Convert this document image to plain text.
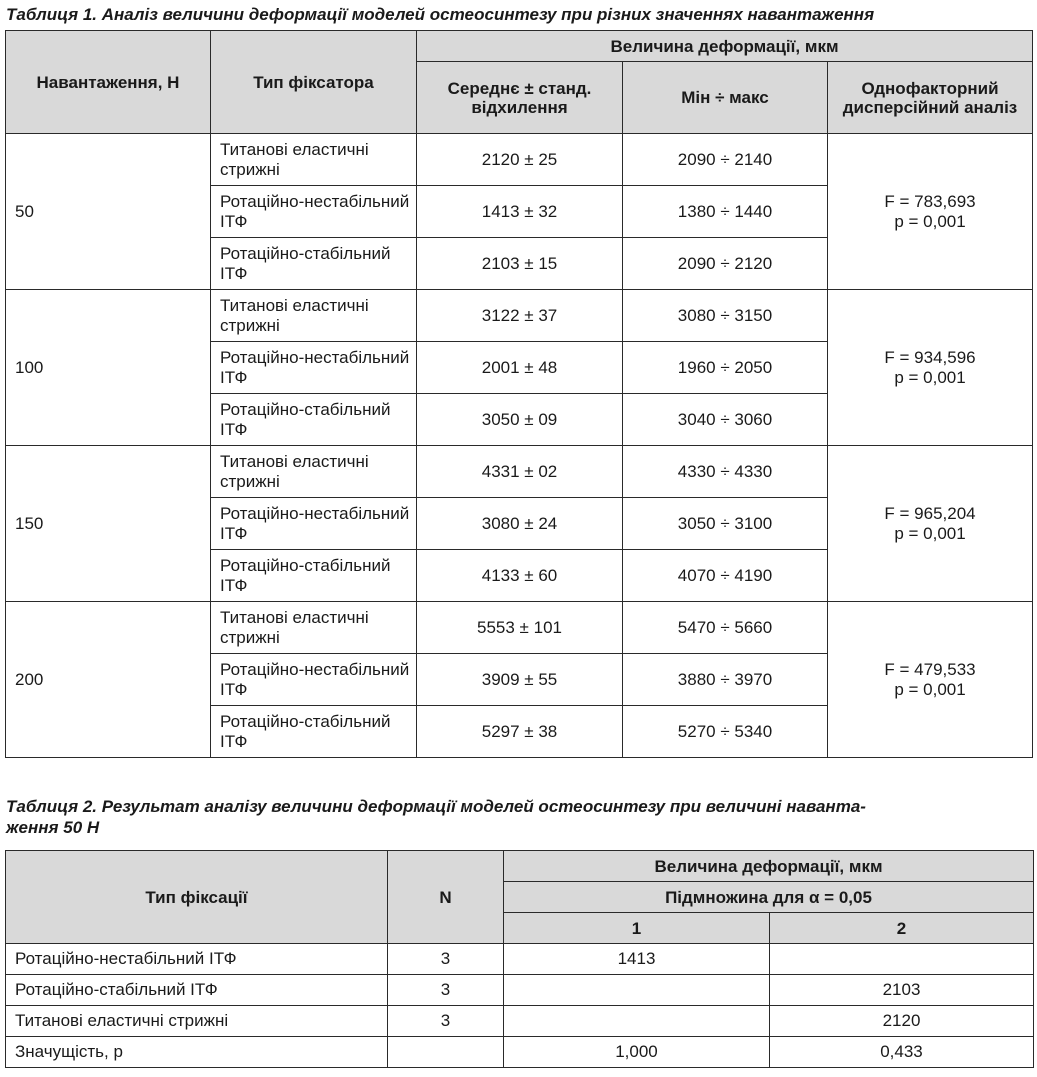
Таблиця 1. Аналіз величини деформації моделей остеосинтезу при різних значеннях навантаження
Навантаження, Н	Тип фіксатора	Величина деформації, мкм		
		Середнє ± станд. відхилення	Мін ÷ макс	Однофакторний дисперсійний аналіз
50	Титанові еластичні стрижні	2120 ± 25	2090 ÷ 2140	F = 783,693
p = 0,001

	Ротаційно-нестабільний ІТФ	1413 ± 32	1380 ÷ 1440	
	Ротаційно-стабільний ІТФ	2103 ± 15	2090 ÷ 2120	
100	Титанові еластичні стрижні	3122 ± 37	3080 ÷ 3150	F = 934,596
p = 0,001

	Ротаційно-нестабільний ІТФ	2001 ± 48	1960 ÷ 2050	
	Ротаційно-стабільний ІТФ	3050 ± 09	3040 ÷ 3060	
150	Титанові еластичні стрижні	4331 ± 02	4330 ÷ 4330	F = 965,204
p = 0,001

	Ротаційно-нестабільний ІТФ	3080 ± 24	3050 ÷ 3100	
	Ротаційно-стабільний ІТФ	4133 ± 60	4070 ÷ 4190	
200	Титанові еластичні стрижні	5553 ± 101	5470 ÷ 5660	F = 479,533
p = 0,001

	Ротаційно-нестабільний ІТФ	3909 ± 55	3880 ÷ 3970	
	Ротаційно-стабільний ІТФ	5297 ± 38	5270 ÷ 5340	
Таблиця 2. Результат аналізу величини деформації моделей остеосинтезу при величині наванта-
ження 50 Н
Тип фіксації	N	Величина деформації, мкм	
		Підмножина для α = 0,05	
		1	2
Ротаційно-нестабільний ІТФ	3	1413	
Ротаційно-стабільний ІТФ	3		2103
Титанові еластичні стрижні	3		2120
Значущість, р		1,000	0,433
